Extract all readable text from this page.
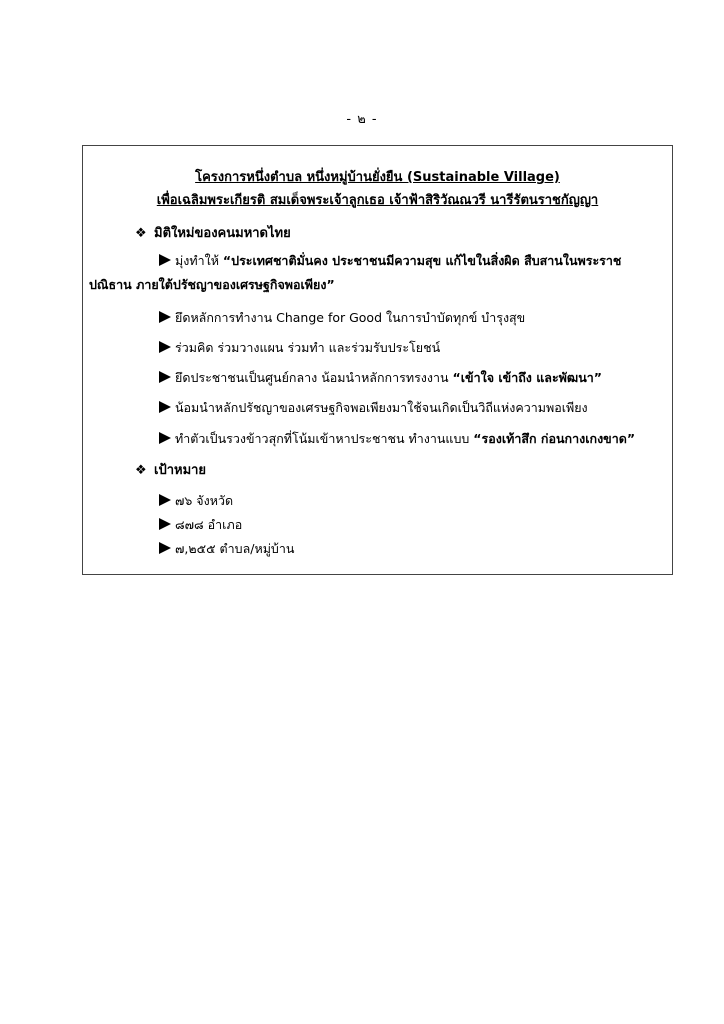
- ๒ -
โครงการหนึ่งตำบล หนึ่งหมู่บ้านยั่งยืน (Sustainable Village)
เพื่อเฉลิมพระเกียรติ สมเด็จพระเจ้าลูกเธอ เจ้าฟ้าสิริวัณณวรี นารีรัตนราชกัญญา
❖ มิติใหม่ของคนมหาดไทย
มุ่งทำให้ “ประเทศชาติมั่นคง ประชาชนมีความสุข แก้ไขในสิ่งผิด สืบสานในพระราช
ปณิธาน ภายใต้ปรัชญาของเศรษฐกิจพอเพียง”
ยึดหลักการทำงาน Change for Good ในการบำบัดทุกข์ บำรุงสุข
ร่วมคิด ร่วมวางแผน ร่วมทำ และร่วมรับประโยชน์
ยึดประชาชนเป็นศูนย์กลาง น้อมนำหลักการทรงงาน “เข้าใจ เข้าถึง และพัฒนา”
น้อมนำหลักปรัชญาของเศรษฐกิจพอเพียงมาใช้จนเกิดเป็นวิถีแห่งความพอเพียง
ทำตัวเป็นรวงข้าวสุกที่โน้มเข้าหาประชาชน ทำงานแบบ “รองเท้าสึก ก่อนกางเกงขาด”
❖ เป้าหมาย
๗๖ จังหวัด
๘๗๘ อำเภอ
๗,๒๕๕ ตำบล/หมู่บ้าน
